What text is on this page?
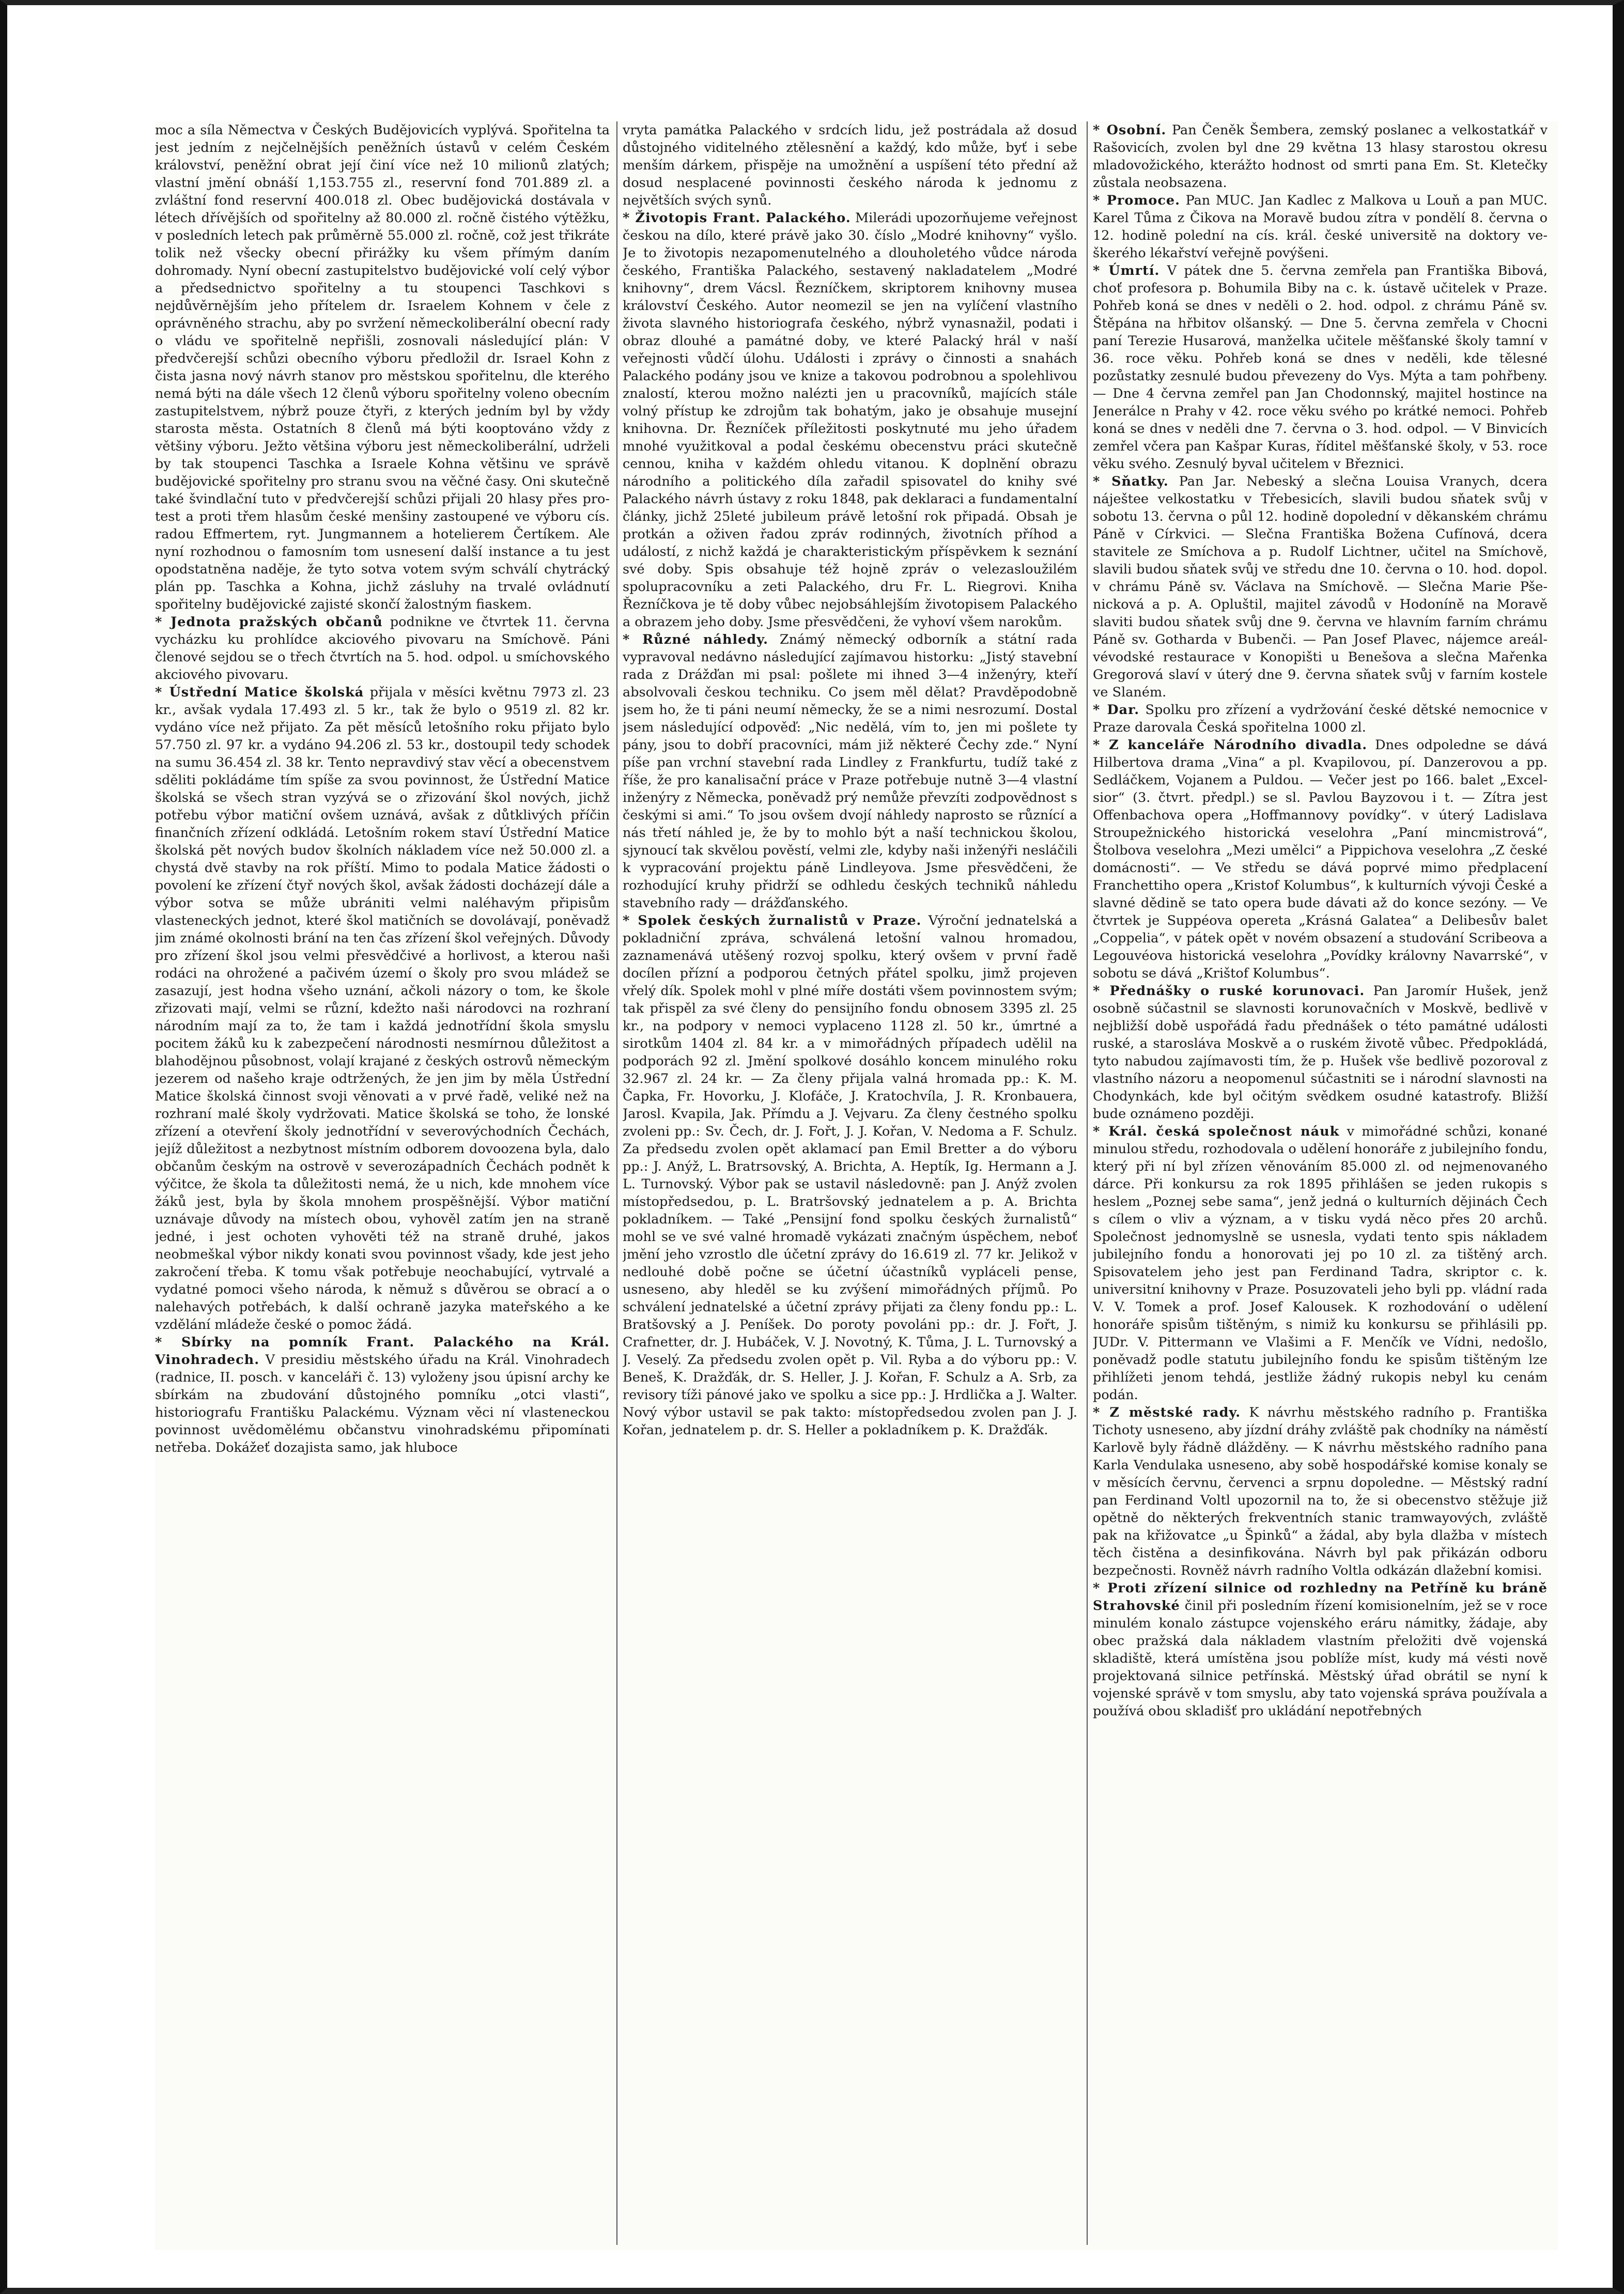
moc a síla Němectva v Českých Budějovicích vyplývá. Spořitelna ta jest jedním z nejčelnějších peněžních ústavů v celém Českém království, peněžní obrat její činí více než 10 milionů zlatých; vlastní jmění obnáší 1,153.755 zl., reservní fond 701.889 zl. a zvláštní fond reservní 400.018 zl. Obec budějovická dostávala v létech dřívějších od spořitelny až 80.000 zl. ročně čistého výtěžku, v posledních letech pak průměrně 55.000 zl. ročně, což jest třikráte tolik než všecky obecní přirážky ku všem přímým daním dohromady. Nyní obecní zastupitelstvo budějovické volí celý výbor a předsednictvo spořitelny a tu stoupenci Taschkovi s nejdůvěrnějším jeho přítelem dr. Israelem Kohnem v čele z oprávněného strachu, aby po svržení německoliberální obecní rady o vládu ve spořitelně nepřišli, zosnovali následující plán: V předvčerejší schůzi obecního výboru předložil dr. Israel Kohn z čista jasna nový návrh stanov pro městskou spořitelnu, dle kterého nemá býti na dále všech 12 členů výboru spořitelny voleno obecním zastupitelstvem, nýbrž pouze čtyři, z kterých jedním byl by vždy starosta města. Ostatních 8 členů má býti kooptováno vždy z většiny výboru. Ježto většina výboru jest německoliberální, udrželi by tak stoupenci Taschka a Israele Kohna většinu ve správě budějovické spořitelny pro stranu svou na věčné časy. Oni skutečně také švindlační tuto v předvčerejší schůzi přijali 20 hlasy přes protest a proti třem hlasům české menšiny zastoupené ve výboru cís. radou Effmertem, ryt. Jungmannem a hotelierem Čertíkem. Ale nyní rozhodnou o famosním tom usnesení další instance a tu jest opodstatněna naděje, že tyto sotva votem svým schválí chytrácký plán pp. Taschka a Kohna, jichž zásluhy na trvalé ovládnutí spořitelny budějovické zajisté skončí žalostným fiaskem.

* Jednota pražských občanů podnikne ve čtvrtek 11. června vycházku ku prohlídce akciového pivovaru na Smíchově. Páni členové sejdou se o třech čtvrtích na 5. hod. odpol. u smíchovského akciového pivovaru.

* Ústřední Matice školská přijala v měsíci květnu 7973 zl. 23 kr., avšak vydala 17.493 zl. 5 kr., tak že bylo o 9519 zl. 82 kr. vydáno více než přijato. Za pět měsíců letošního roku přijato bylo 57.750 zl. 97 kr. a vydáno 94.206 zl. 53 kr., dostoupil tedy schodek na sumu 36.454 zl. 38 kr. Tento nepravdivý stav věcí a obecenstvem sděliti pokládáme tím spíše za svou povinnost, že Ústřední Matice školská se všech stran vyzývá se o zřizování škol nových, jichž potřebu výbor matiční ovšem uznává, avšak z důtklivých příčin finančních zřízení odkládá. Letošním rokem staví Ústřední Matice školská pět nových budov školních nákladem více než 50.000 zl. a chystá dvě stavby na rok příští. Mimo to podala Matice žádosti o povolení ke zřízení čtyř nových škol, avšak žádosti docházejí dále a výbor sotva se může ubrániti velmi naléhavým připisům vlasteneckých jednot, které škol matičních se dovolávají, poněvadž jim známé okolnosti brání na ten čas zřízení škol veřejných. Důvody pro zřízení škol jsou velmi přesvědčivé a horlivost, a kterou naši rodáci na ohrožené a pačivém území o školy pro svou mládež se zasazují, jest hodna všeho uznání, ačkoli názory o tom, ke škole zřizovati mají, velmi se různí, kdežto naši národovci na rozhraní národním mají za to, že tam i každá jednotřídní škola smyslu pocitem žáků ku k zabezpečení národnosti nesmírnou důležitost a blahodějnou působnost, volají krajané z českých ostrovů německým jezerem od našeho kraje odtržených, že jen jim by měla Ústřední Matice školská činnost svoji věnovati a v prvé řadě, veliké než na rozhraní malé školy vydržovati. Matice školská se toho, že lonské zřízení a otevření školy jednotřídní v severovýchodních Čechách, jejíž důležitost a nezbytnost místním odborem dovoozena byla, dalo občanům českým na ostrově v severozápadních Čechách podnět k výčitce, že škola ta důležitosti nemá, že u nich, kde mnohem více žáků jest, byla by škola mnohem prospěšnější. Výbor matiční uznávaje důvody na místech obou, vyhověl zatím jen na straně jedné, i jest ochoten vyhověti též na straně druhé, jakos neobmeškal výbor nikdy konati svou povinnost všady, kde jest jeho zakročení třeba. K tomu však potřebuje neochabující, vytrvalé a vydatné pomoci všeho národa, k němuž s důvěrou se obrací a o nalehavých potřebách, k další ochraně jazyka mateřského a ke vzdělání mládeže české o pomoc žádá.

* Sbírky na pomník Frant. Palackého na Král. Vinohradech. V presidiu městského úřadu na Král. Vinohradech (radnice, II. posch. v kanceláři č. 13) vyloženy jsou úpisní archy ke sbírkám na zbudování důstojného pomníku „otci vlasti“, historiografu Františku Palackému. Význam věci ní vlasteneckou povinnost uvědomělému občanstvu vinohradskému připomínati netřeba. Dokážeť dozajista samo, jak hluboce

vryta památka Palackého v srdcích lidu, jež postrádala až dosud důstojného viditelného ztělesnění a každý, kdo může, byť i sebe menším dárkem, přispěje na umožnění a uspíšení této přední až dosud nesplacené povinnosti českého národa k jednomu z největších svých synů.

* Životopis Frant. Palackého. Milerádi upozorňujeme veřejnost českou na dílo, které právě jako 30. číslo „Modré knihovny“ vyšlo. Je to životopis nezapomenutelného a dlouholetého vůdce národa českého, Františka Palackého, sestavený nakladatelem „Modré knihovny“, drem Vácsl. Řezníčkem, skriptorem knihovny musea království Českého. Autor neomezil se jen na vylíčení vlastního života slavného historiografa českého, nýbrž vynasnažil, podati i obraz dlouhé a památné doby, ve které Palacký hrál v naší veřejnosti vůdčí úlohu. Události i zprávy o činnosti a snahách Palackého podány jsou ve knize a takovou podrobnou a spolehlivou znalostí, kterou možno nalézti jen u pracovníků, majících stále volný přístup ke zdrojům tak bohatým, jako je obsahuje musejní knihovna. Dr. Řezníček příležitosti poskytnuté mu jeho úřadem mnohé využitkoval a podal českému obecenstvu práci skutečně cennou, kniha v každém ohledu vitanou. K doplnění obrazu národního a politického díla zařadil spisovatel do knihy své Palackého návrh ústavy z roku 1848, pak deklaraci a fundamentalní články, jichž 25leté jubileum právě letošní rok připadá. Obsah je protkán a oživen řadou zpráv rodinných, životních příhod a událostí, z nichž každá je charakteristickým příspěvkem k seznání své doby. Spis obsahuje též hojně zpráv o velezasloužilém spolupracovníku a zeti Palackého, dru Fr. L. Riegrovi. Kniha Řezníčkova je tě doby vůbec nejobsáhlejším životopisem Palackého a obrazem jeho doby. Jsme přesvědčeni, že vyhoví všem narokům.

* Různé náhledy. Známý německý odborník a státní rada vypravoval nedávno následující zajímavou historku: „Jistý stavební rada z Drážďan mi psal: pošlete mi ihned 3—4 inženýry, kteří absolvovali českou techniku. Co jsem měl dělat? Pravděpodobně jsem ho, že ti páni neumí německy, že se a nimi nesrozumí. Dostal jsem následující odpověď: „Nic nedělá, vím to, jen mi pošlete ty pány, jsou to dobří pracovníci, mám již některé Čechy zde.“ Nyní píše pan vrchní stavební rada Lindley z Frankfurtu, tudíž také z říše, že pro kanalisační práce v Praze potřebuje nutně 3—4 vlastní inženýry z Německa, poněvadž prý nemůže převzíti zodpovědnost s českými si ami.“ To jsou ovšem dvojí náhledy naprosto se různící a nás třetí náhled je, že by to mohlo být a naší technickou školou, sjynoucí tak skvělou pověstí, velmi zle, kdyby naši inženýři nesláčili k vypracování projektu páně Lindleyova. Jsme přesvědčeni, že rozhodující kruhy přidrží se odhledu českých techniků náhledu stavebního rady — drážďanského.

* Spolek českých žurnalistů v Praze. Výroční jednatelská a pokladniční zpráva, schválená letošní valnou hromadou, zaznamenává utěšený rozvoj spolku, který ovšem v první řadě docílen přízní a podporou četných přátel spolku, jimž projeven vřelý dík. Spolek mohl v plné míře dostáti všem povinnostem svým; tak přispěl za své členy do pensijního fondu obnosem 3395 zl. 25 kr., na podpory v nemoci vyplaceno 1128 zl. 50 kr., úmrtné a sirotkům 1404 zl. 84 kr. a v mimořádných případech udělil na podporách 92 zl. Jmění spolkové dosáhlo koncem minulého roku 32.967 zl. 24 kr. — Za členy přijala valná hromada pp.: K. M. Čapka, Fr. Hovorku, J. Klofáče, J. Kratochvíla, J. R. Kronbauera, Jarosl. Kvapila, Jak. Přímdu a J. Vejvaru. Za členy čestného spolku zvoleni pp.: Sv. Čech, dr. J. Fořt, J. J. Kořan, V. Nedoma a F. Schulz. Za předsedu zvolen opět aklamací pan Emil Bretter a do výboru pp.: J. Anýž, L. Bratrsovský, A. Brichta, A. Heptík, Ig. Hermann a J. L. Turnovský. Výbor pak se ustavil následovně: pan J. Anýž zvolen místopředsedou, p. L. Bratršovský jednatelem a p. A. Brichta pokladníkem. — Také „Pensijní fond spolku českých žurnalistů“ mohl se ve své valné hromadě vykázati značným úspěchem, neboť jmění jeho vzrostlo dle účetní zprávy do 16.619 zl. 77 kr. Jelikož v nedlouhé době počne se účetní účastníků vypláceli pense, usneseno, aby hleděl se ku zvýšení mimořádných příjmů. Po schválení jednatelské a účetní zprávy přijati za členy fondu pp.: L. Bratšovský a J. Peníšek. Do poroty povoláni pp.: dr. J. Fořt, J. Crafnetter, dr. J. Hubáček, V. J. Novotný, K. Tůma, J. L. Turnovský a J. Veselý. Za předsedu zvolen opět p. Vil. Ryba a do výboru pp.: V. Beneš, K. Dražďák, dr. S. Heller, J. J. Kořan, F. Schulz a A. Srb, za revisory tíži pánové jako ve spolku a sice pp.: J. Hrdlička a J. Walter. Nový výbor ustavil se pak takto: místopředsedou zvolen pan J. J. Kořan, jednatelem p. dr. S. Heller a pokladníkem p. K. Dražďák.

* Osobní. Pan Čeněk Šembera, zemský poslanec a velkostatkář v Rašovicích, zvolen byl dne 29 května 13 hlasy starostou okresu mladovožického, kterážto hodnost od smrti pana Em. St. Kletečky zůstala neobsazena.

* Promoce. Pan MUC. Jan Kadlec z Malkova u Louň a pan MUC. Karel Tůma z Čikova na Moravě budou zítra v pondělí 8. června o 12. hodině polední na cís. král. české universitě na doktory veškerého lékařství veřejně povýšeni.

* Úmrtí. V pátek dne 5. června zemřela pan Františka Bibová, choť profesora p. Bohumila Biby na c. k. ústavě učitelek v Praze. Pohřeb koná se dnes v neděli o 2. hod. odpol. z chrámu Páně sv. Štěpána na hřbitov olšanský. — Dne 5. června zemřela v Chocni paní Terezie Husarová, manželka učitele měšťanské školy tamní v 36. roce věku. Pohřeb koná se dnes v neděli, kde tělesné pozůstatky zesnulé budou převezeny do Vys. Mýta a tam pohřbeny. — Dne 4 června zemřel pan Jan Chodonnský, majitel hostince na Jenerálce n Prahy v 42. roce věku svého po krátké nemoci. Pohřeb koná se dnes v neděli dne 7. června o 3. hod. odpol. — V Binvicích zemřel včera pan Kašpar Kuras, říditel měšťanské školy, v 53. roce věku svého. Zesnulý byval učitelem v Březnici.

* Sňatky. Pan Jar. Nebeský a slečna Louisa Vranych, dcera náještee velkostatku v Třebesicích, slavili budou sňatek svůj v sobotu 13. června o půl 12. hodině dopolední v děkanském chrámu Páně v Církvici. — Slečna Františka Božena Cufínová, dcera stavitele ze Smíchova a p. Rudolf Lichtner, učitel na Smíchově, slavili budou sňatek svůj ve středu dne 10. června o 10. hod. dopol. v chrámu Páně sv. Václava na Smíchově. — Slečna Marie Pšenicková a p. A. Opluštil, majitel závodů v Hodoníně na Moravě slaviti budou sňatek svůj dne 9. června ve hlavním farním chrámu Páně sv. Gotharda v Bubenči. — Pan Josef Plavec, nájemce areálvévodské restaurace v Konopišti u Benešova a slečna Mařenka Gregorová slaví v úterý dne 9. června sňatek svůj v farním kostele ve Slaném.

* Dar. Spolku pro zřízení a vydržování české dětské nemocnice v Praze darovala Česká spořitelna 1000 zl.

* Z kanceláře Národního divadla. Dnes odpoledne se dává Hilbertova drama „Vina“ a pl. Kvapilovou, pí. Danzerovou a pp. Sedláčkem, Vojanem a Puldou. — Večer jest po 166. balet „Excelsior“ (3. čtvrt. předpl.) se sl. Pavlou Bayzovou i t. — Zítra jest Offenbachova opera „Hoffmannovy povídky“. v úterý Ladislava Stroupežnického historická veselohra „Paní mincmistrová“, Štolbova veselohra „Mezi umělci“ a Pippichova veselohra „Z české domácnosti“. — Ve středu se dává poprvé mimo předplacení Franchettiho opera „Kristof Kolumbus“, k kulturních vývoji České a slavné dědině se tato opera bude dávati až do konce sezóny. — Ve čtvrtek je Suppéova opereta „Krásná Galatea“ a Delibesův balet „Coppelia“, v pátek opět v novém obsazení a studování Scribeova a Legouvéova historická veselohra „Povídky královny Navarrské“, v sobotu se dává „Krištof Kolumbus“.

* Přednášky o ruské korunovaci. Pan Jaromír Hušek, jenž osobně súčastnil se slavnosti korunovačních v Moskvě, bedlivě v nejbližší době uspořádá řadu přednášek o této památné události ruské, a starosláva Moskvě a o ruském životě vůbec. Předpokládá, tyto nabudou zajímavosti tím, že p. Hušek vše bedlivě pozoroval z vlastního názoru a neopomenul súčastniti se i národní slavnosti na Chodynkách, kde byl očitým svědkem osudné katastrofy. Bližší bude oznámeno později.

* Král. česká společnost náuk v mimořádné schůzi, konané minulou středu, rozhodovala o udělení honoráře z jubilejního fondu, který při ní byl zřízen věnováním 85.000 zl. od nejmenovaného dárce. Při konkursu za rok 1895 přihlášen se jeden rukopis s heslem „Poznej sebe sama“, jenž jedná o kulturních dějinách Čech s cílem o vliv a význam, a v tisku vydá něco přes 20 archů. Společnost jednomyslně se usnesla, vydati tento spis nákladem jubilejního fondu a honorovati jej po 10 zl. za tištěný arch. Spisovatelem jeho jest pan Ferdinand Tadra, skriptor c. k. universitní knihovny v Praze. Posuzovateli jeho byli pp. vládní rada V. V. Tomek a prof. Josef Kalousek. K rozhodování o udělení honoráře spisům tištěným, s nimiž ku konkursu se přihlásili pp. JUDr. V. Pittermann ve Vlašimi a F. Menčík ve Vídni, nedošlo, poněvadž podle statutu jubilejního fondu ke spisům tištěným lze přihlížeti jenom tehdá, jestliže žádný rukopis nebyl ku cenám podán.

* Z městské rady. K návrhu městského radního p. Františka Tichoty usneseno, aby jízdní dráhy zvláště pak chodníky na náměstí Karlově byly řádně dlážděny. — K návrhu městského radního pana Karla Vendulaka usneseno, aby sobě hospodářské komise konaly se v měsících červnu, červenci a srpnu dopoledne. — Městský radní pan Ferdinand Voltl upozornil na to, že si obecenstvo stěžuje již opětně do některých frekventních stanic tramwayových, zvláště pak na křižovatce „u Špinků“ a žádal, aby byla dlažba v místech těch čistěna a desinfikována. Návrh byl pak přikázán odboru bezpečnosti. Rovněž návrh radního Voltla odkázán dlažební komisi.

* Proti zřízení silnice od rozhledny na Petříně ku bráně Strahovské činil při posledním řízení komisionelním, jež se v roce minulém konalo zástupce vojenského eráru námitky, žádaje, aby obec pražská dala nákladem vlastním přeložiti dvě vojenská skladiště, která umístěna jsou poblíže míst, kudy má vésti nově projektovaná silnice petřínská. Městský úřad obrátil se nyní k vojenské správě v tom smyslu, aby tato vojenská správa používala a používá obou skladišť pro ukládání nepotřebných
